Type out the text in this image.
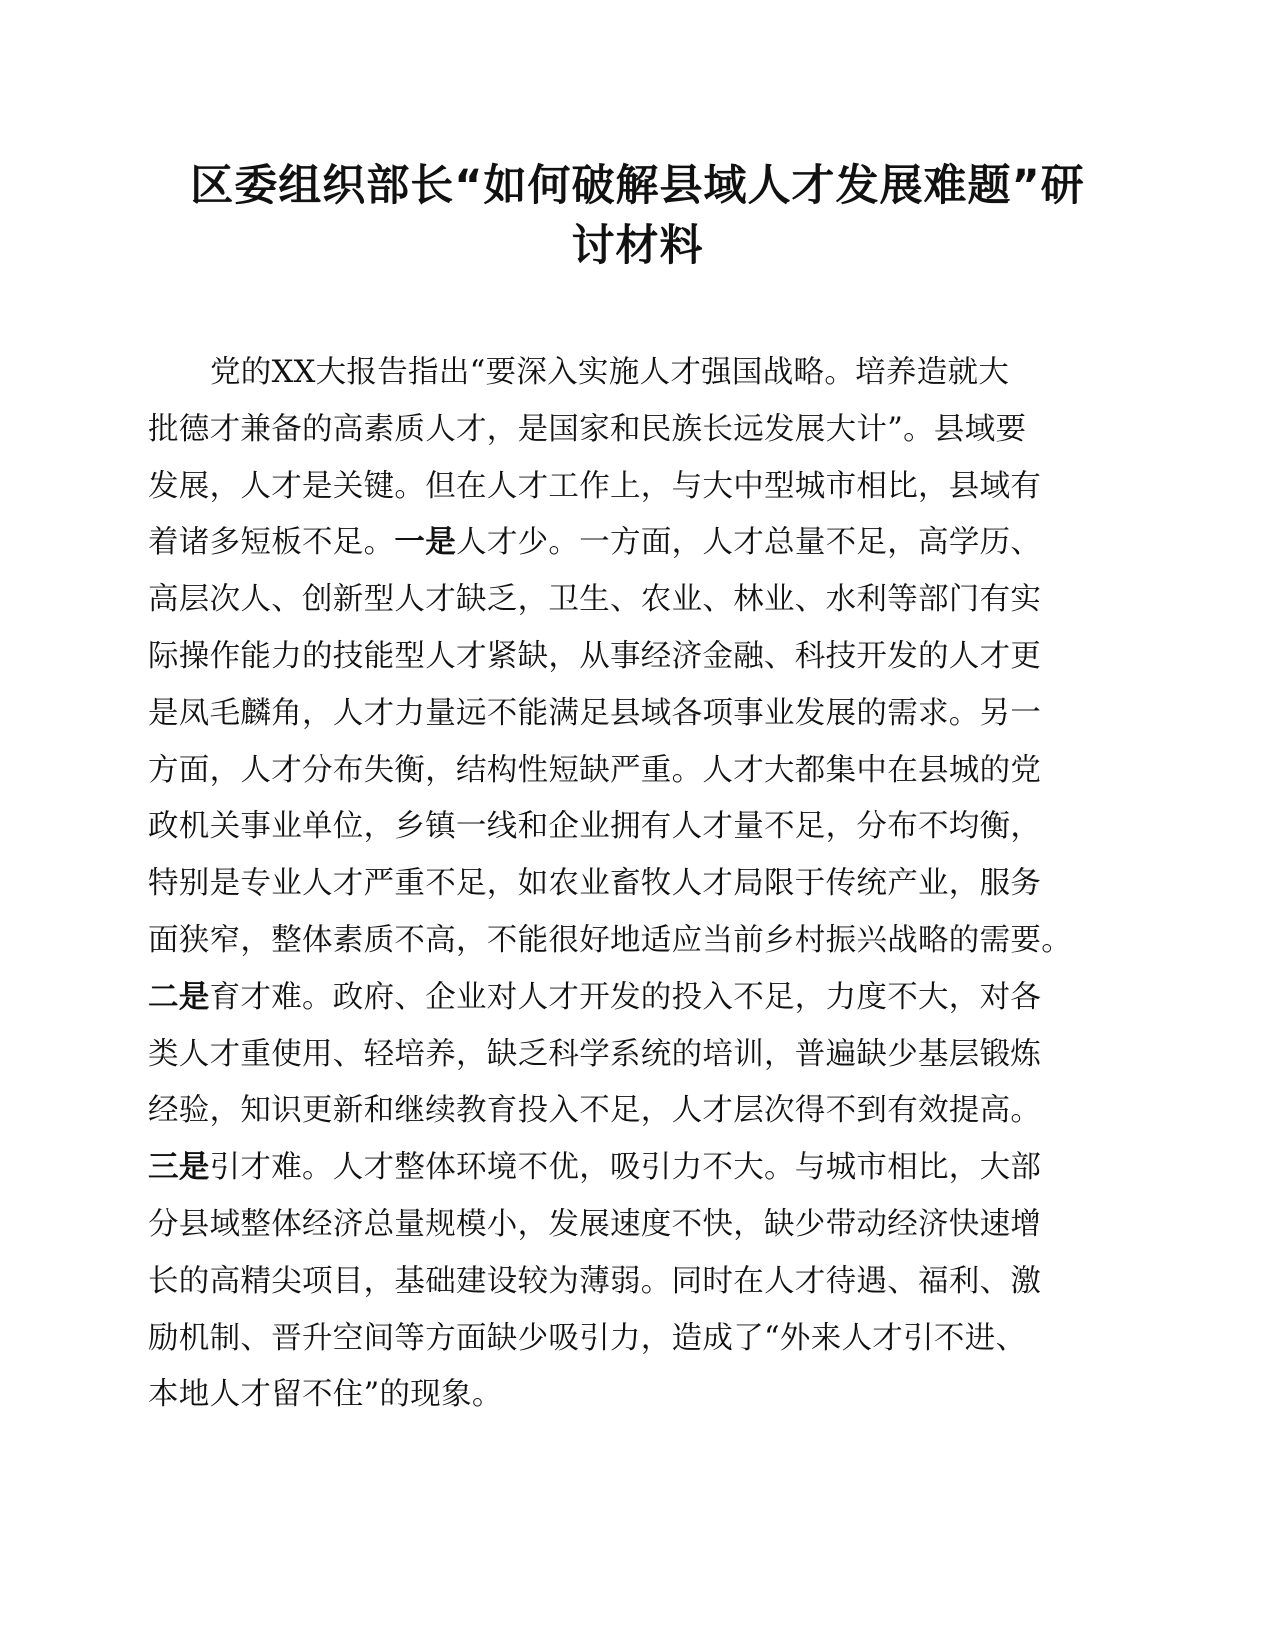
区委组织部长“如何破解县域人才发展难题”研
讨材料
党的XX大报告指出“要深入实施人才强国战略。培养造就大
批德才兼备的高素质人才，是国家和民族长远发展大计”。县域要
发展，人才是关键。但在人才工作上，与大中型城市相比，县域有
着诸多短板不足。一是人才少。一方面，人才总量不足，高学历、
高层次人、创新型人才缺乏，卫生、农业、林业、水利等部门有实
际操作能力的技能型人才紧缺，从事经济金融、科技开发的人才更
是凤毛麟角，人才力量远不能满足县域各项事业发展的需求。另一
方面，人才分布失衡，结构性短缺严重。人才大都集中在县城的党
政机关事业单位，乡镇一线和企业拥有人才量不足，分布不均衡，
特别是专业人才严重不足，如农业畜牧人才局限于传统产业，服务
面狭窄，整体素质不高，不能很好地适应当前乡村振兴战略的需要。
二是育才难。政府、企业对人才开发的投入不足，力度不大，对各
类人才重使用、轻培养，缺乏科学系统的培训，普遍缺少基层锻炼
经验，知识更新和继续教育投入不足，人才层次得不到有效提高。
三是引才难。人才整体环境不优，吸引力不大。与城市相比，大部
分县域整体经济总量规模小，发展速度不快，缺少带动经济快速增
长的高精尖项目，基础建设较为薄弱。同时在人才待遇、福利、激
励机制、晋升空间等方面缺少吸引力，造成了“外来人才引不进、
本地人才留不住”的现象。
